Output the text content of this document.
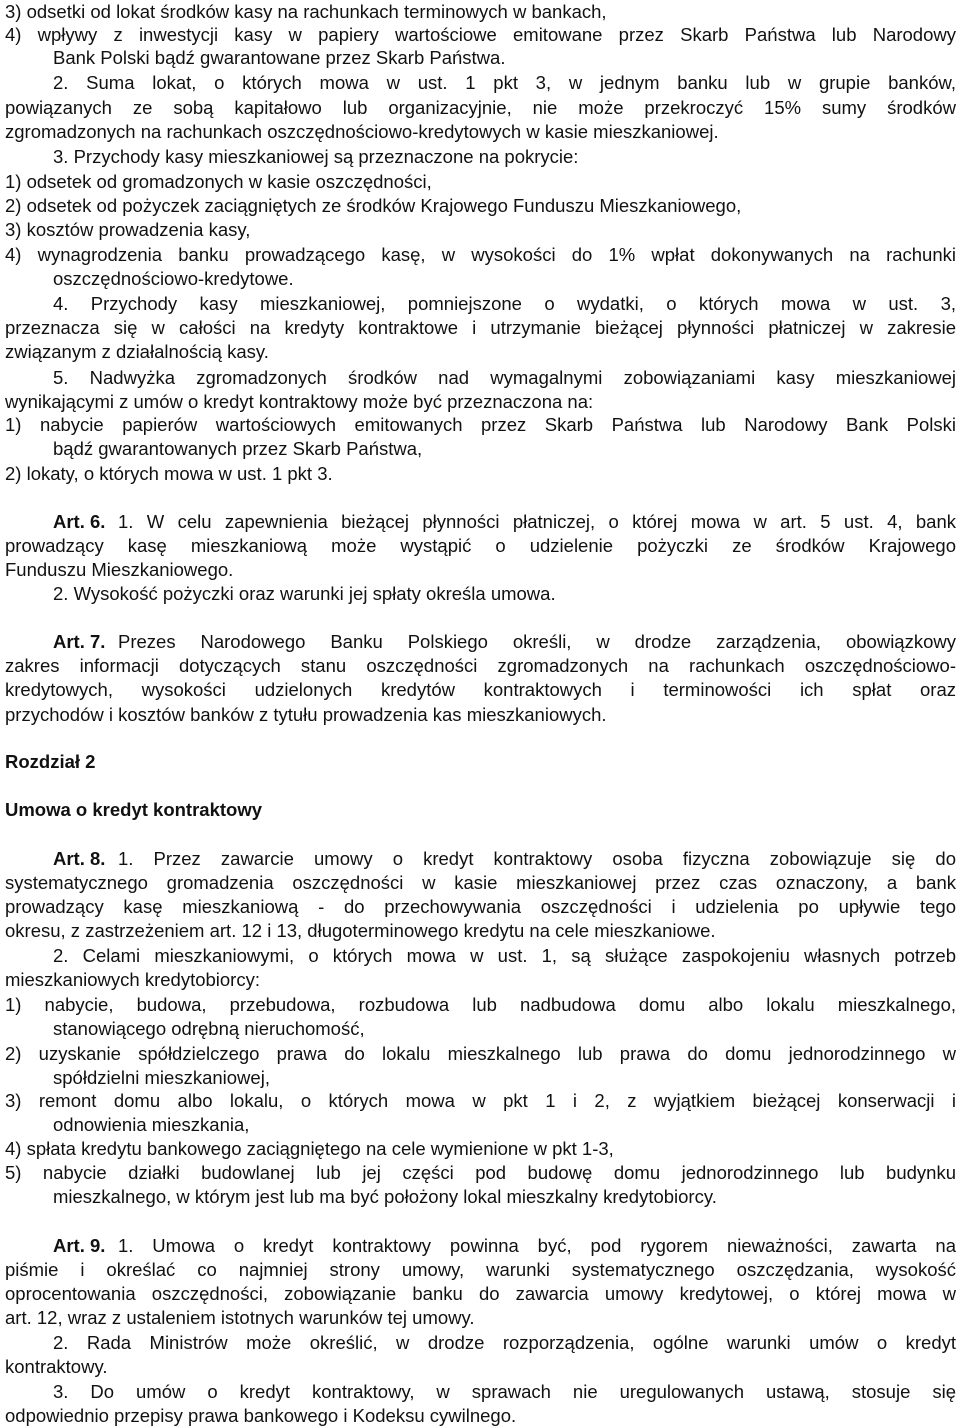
3) odsetki od lokat środków kasy na rachunkach terminowych w bankach,
4) wpływy z inwestycji kasy w papiery wartościowe emitowane przez Skarb Państwa lub Narodowy
Bank Polski bądź gwarantowane przez Skarb Państwa.
2. Suma lokat, o których mowa w ust. 1 pkt 3, w jednym banku lub w grupie banków,
powiązanych ze sobą kapitałowo lub organizacyjnie, nie może przekroczyć 15% sumy środków
zgromadzonych na rachunkach oszczędnościowo-kredytowych w kasie mieszkaniowej.
3. Przychody kasy mieszkaniowej są przeznaczone na pokrycie:
1) odsetek od gromadzonych w kasie oszczędności,
2) odsetek od pożyczek zaciągniętych ze środków Krajowego Funduszu Mieszkaniowego,
3) kosztów prowadzenia kasy,
4) wynagrodzenia banku prowadzącego kasę, w wysokości do 1% wpłat dokonywanych na rachunki
oszczędnościowo-kredytowe.
4. Przychody kasy mieszkaniowej, pomniejszone o wydatki, o których mowa w ust. 3,
przeznacza się w całości na kredyty kontraktowe i utrzymanie bieżącej płynności płatniczej w zakresie
związanym z działalnością kasy.
5. Nadwyżka zgromadzonych środków nad wymagalnymi zobowiązaniami kasy mieszkaniowej
wynikającymi z umów o kredyt kontraktowy może być przeznaczona na:
1) nabycie papierów wartościowych emitowanych przez Skarb Państwa lub Narodowy Bank Polski
bądź gwarantowanych przez Skarb Państwa,
2) lokaty, o których mowa w ust. 1 pkt 3.
Art. 6. 1. W celu zapewnienia bieżącej płynności płatniczej, o której mowa w art. 5 ust. 4, bank
prowadzący kasę mieszkaniową może wystąpić o udzielenie pożyczki ze środków Krajowego
Funduszu Mieszkaniowego.
2. Wysokość pożyczki oraz warunki jej spłaty określa umowa.
Art. 7. Prezes Narodowego Banku Polskiego określi, w drodze zarządzenia, obowiązkowy
zakres informacji dotyczących stanu oszczędności zgromadzonych na rachunkach oszczędnościowo-
kredytowych, wysokości udzielonych kredytów kontraktowych i terminowości ich spłat oraz
przychodów i kosztów banków z tytułu prowadzenia kas mieszkaniowych.
Rozdział 2
Umowa o kredyt kontraktowy
Art. 8. 1. Przez zawarcie umowy o kredyt kontraktowy osoba fizyczna zobowiązuje się do
systematycznego gromadzenia oszczędności w kasie mieszkaniowej przez czas oznaczony, a bank
prowadzący kasę mieszkaniową - do przechowywania oszczędności i udzielenia po upływie tego
okresu, z zastrzeżeniem art. 12 i 13, długoterminowego kredytu na cele mieszkaniowe.
2. Celami mieszkaniowymi, o których mowa w ust. 1, są służące zaspokojeniu własnych potrzeb
mieszkaniowych kredytobiorcy:
1) nabycie, budowa, przebudowa, rozbudowa lub nadbudowa domu albo lokalu mieszkalnego,
stanowiącego odrębną nieruchomość,
2) uzyskanie spółdzielczego prawa do lokalu mieszkalnego lub prawa do domu jednorodzinnego w
spółdzielni mieszkaniowej,
3) remont domu albo lokalu, o których mowa w pkt 1 i 2, z wyjątkiem bieżącej konserwacji i
odnowienia mieszkania,
4) spłata kredytu bankowego zaciągniętego na cele wymienione w pkt 1-3,
5) nabycie działki budowlanej lub jej części pod budowę domu jednorodzinnego lub budynku
mieszkalnego, w którym jest lub ma być położony lokal mieszkalny kredytobiorcy.
Art. 9. 1. Umowa o kredyt kontraktowy powinna być, pod rygorem nieważności, zawarta na
piśmie i określać co najmniej strony umowy, warunki systematycznego oszczędzania, wysokość
oprocentowania oszczędności, zobowiązanie banku do zawarcia umowy kredytowej, o której mowa w
art. 12, wraz z ustaleniem istotnych warunków tej umowy.
2. Rada Ministrów może określić, w drodze rozporządzenia, ogólne warunki umów o kredyt
kontraktowy.
3. Do umów o kredyt kontraktowy, w sprawach nie uregulowanych ustawą, stosuje się
odpowiednio przepisy prawa bankowego i Kodeksu cywilnego.
